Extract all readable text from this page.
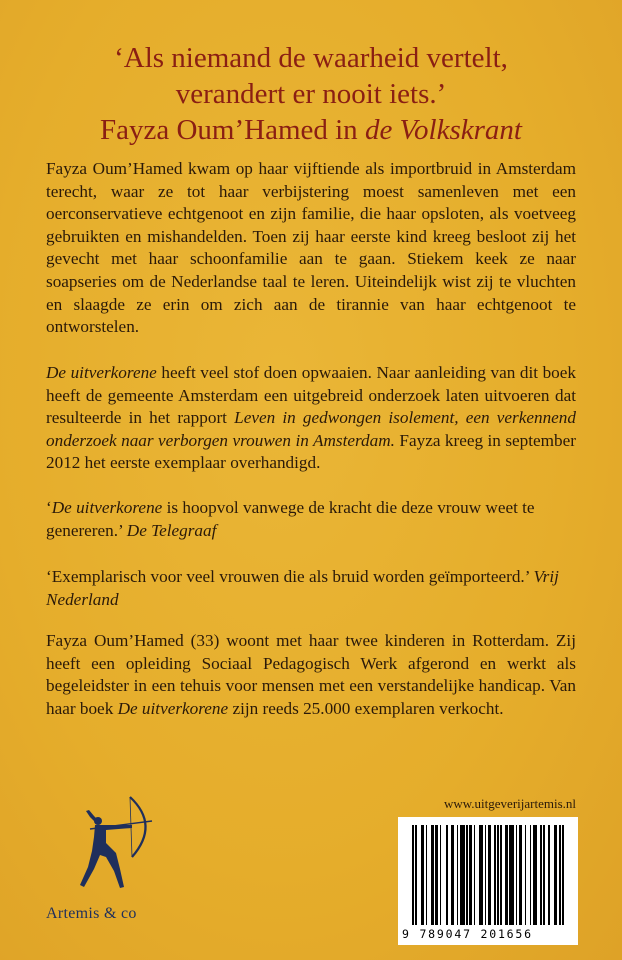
‘Als niemand de waarheid vertelt,
verandert er nooit iets.’
Fayza Oum’Hamed in de Volkskrant

Fayza Oum’Hamed kwam op haar vijftiende als importbruid in Amsterdam terecht, waar ze tot haar verbijstering moest samenleven met een oerconservatieve echtgenoot en zijn familie, die haar opsloten, als voetveeg gebruikten en mishandelden. Toen zij haar eerste kind kreeg besloot zij het gevecht met haar schoonfamilie aan te gaan. Stiekem keek ze naar soapseries om de Nederlandse taal te leren. Uiteindelijk wist zij te vluchten en slaagde ze erin om zich aan de tirannie van haar echtgenoot te ontworstelen.

De uitverkorene heeft veel stof doen opwaaien. Naar aanleiding van dit boek heeft de gemeente Amsterdam een uitgebreid onderzoek laten uitvoeren dat resulteerde in het rapport Leven in gedwongen isolement, een verkennend onderzoek naar verborgen vrouwen in Amsterdam. Fayza kreeg in september 2012 het eerste exemplaar overhandigd.

‘De uitverkorene is hoopvol vanwege de kracht die deze vrouw weet te genereren.’ De Telegraaf

‘Exemplarisch voor veel vrouwen die als bruid worden geïmporteerd.’ Vrij Nederland

Fayza Oum’Hamed (33) woont met haar twee kinderen in Rotterdam. Zij heeft een opleiding Sociaal Pedagogisch Werk afgerond en werkt als begeleidster in een tehuis voor mensen met een verstandelijke handicap. Van haar boek De uitverkorene zijn reeds 25.000 exemplaren verkocht.

Artemis & co
www.uitgeverijartemis.nl
9 789047 201656
